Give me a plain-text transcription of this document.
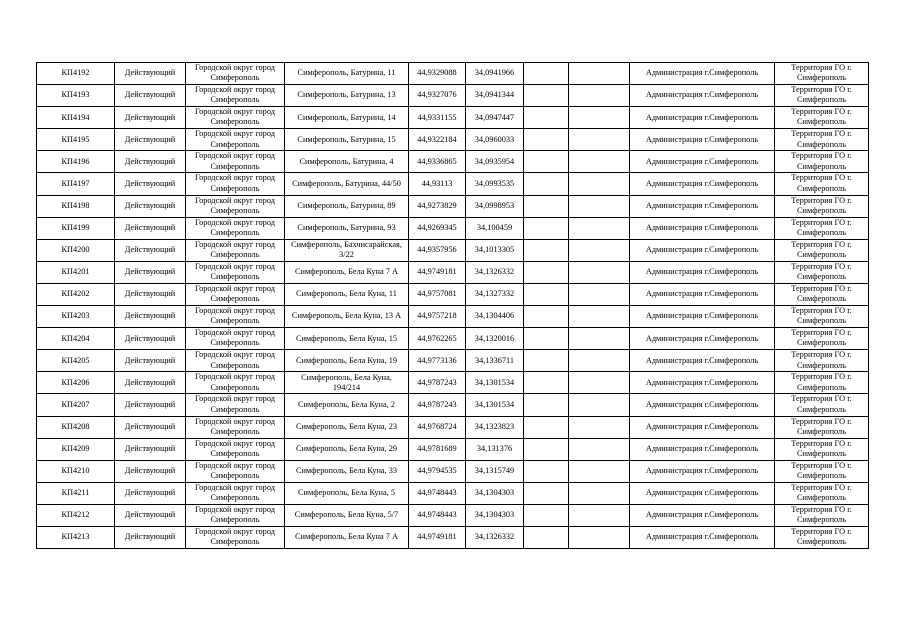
КП4192	Действующий	Городской округ город Симферополь	Симферополь, Батурина, 11	44,9329088	34,0941966			Администрация г.Симферополь	Территория ГО г. Симферополь
КП4193	Действующий	Городской округ город Симферополь	Симферополь, Батурина, 13	44,9327076	34,0941344			Администрация г.Симферополь	Территория ГО г. Симферополь
КП4194	Действующий	Городской округ город Симферополь	Симферополь, Батурина, 14	44,9331155	34,0947447			Администрация г.Симферополь	Территория ГО г. Симферополь
КП4195	Действующий	Городской округ город Симферополь	Симферополь, Батурина, 15	44,9322184	34,0960033			Администрация г.Симферополь	Территория ГО г. Симферополь
КП4196	Действующий	Городской округ город Симферополь	Симферополь, Батурина, 4	44,9336865	34,0935954			Администрация г.Симферополь	Территория ГО г. Симферополь
КП4197	Действующий	Городской округ город Симферополь	Симферополь, Батурина, 44/50	44,93113	34,0993535			Администрация г.Симферополь	Территория ГО г. Симферополь
КП4198	Действующий	Городской округ город Симферополь	Симферополь, Батурина, 89	44,9273829	34,0998953			Администрация г.Симферополь	Территория ГО г. Симферополь
КП4199	Действующий	Городской округ город Симферополь	Симферополь, Батурина, 93	44,9269345	34,100459			Администрация г.Симферополь	Территория ГО г. Симферополь
КП4200	Действующий	Городской округ город Симферополь	Симферополь, Бахчисарайская, 3/22	44,9357956	34,1013305			Администрация г.Симферополь	Территория ГО г. Симферополь
КП4201	Действующий	Городской округ город Симферополь	Симферополь, Бела Куна 7 А	44,9749181	34,1326332			Администрация г.Симферополь	Территория ГО г. Симферополь
КП4202	Действующий	Городской округ город Симферополь	Симферополь, Бела Куна, 11	44,9757081	34,1327332			Администрация г.Симферополь	Территория ГО г. Симферополь
КП4203	Действующий	Городской округ город Симферополь	Симферополь, Бела Куна, 13 А	44,9757218	34,1304406			Администрация г.Симферополь	Территория ГО г. Симферополь
КП4204	Действующий	Городской округ город Симферополь	Симферополь, Бела Куна, 15	44,9762265	34,1320016			Администрация г.Симферополь	Территория ГО г. Симферополь
КП4205	Действующий	Городской округ город Симферополь	Симферополь, Бела Куна, 19	44,9773136	34,1336711			Администрация г.Симферополь	Территория ГО г. Симферополь
КП4206	Действующий	Городской округ город Симферополь	Симферополь, Бела Куна, 194/214	44,9787243	34,1301534			Администрация г.Симферополь	Территория ГО г. Симферополь
КП4207	Действующий	Городской округ город Симферополь	Симферополь, Бела Куна, 2	44,9787243	34,1301534			Администрация г.Симферополь	Территория ГО г. Симферополь
КП4208	Действующий	Городской округ город Симферополь	Симферополь, Бела Куна, 23	44,9768724	34,1323823			Администрация г.Симферополь	Территория ГО г. Симферополь
КП4209	Действующий	Городской округ город Симферополь	Симферополь, Бела Куна, 29	44,9781689	34,131376			Администрация г.Симферополь	Территория ГО г. Симферополь
КП4210	Действующий	Городской округ город Симферополь	Симферополь, Бела Куна, 33	44,9794535	34,1315749			Администрация г.Симферополь	Территория ГО г. Симферополь
КП4211	Действующий	Городской округ город Симферополь	Симферополь, Бела Куна, 5	44,9748443	34,1304303			Администрация г.Симферополь	Территория ГО г. Симферополь
КП4212	Действующий	Городской округ город Симферополь	Симферополь, Бела Куна, 5/7	44,9748443	34,1304303			Администрация г.Симферополь	Территория ГО г. Симферополь
КП4213	Действующий	Городской округ город Симферополь	Симферополь, Бела Куна 7 А	44,9749181	34,1326332			Администрация г.Симферополь	Территория ГО г. Симферополь
